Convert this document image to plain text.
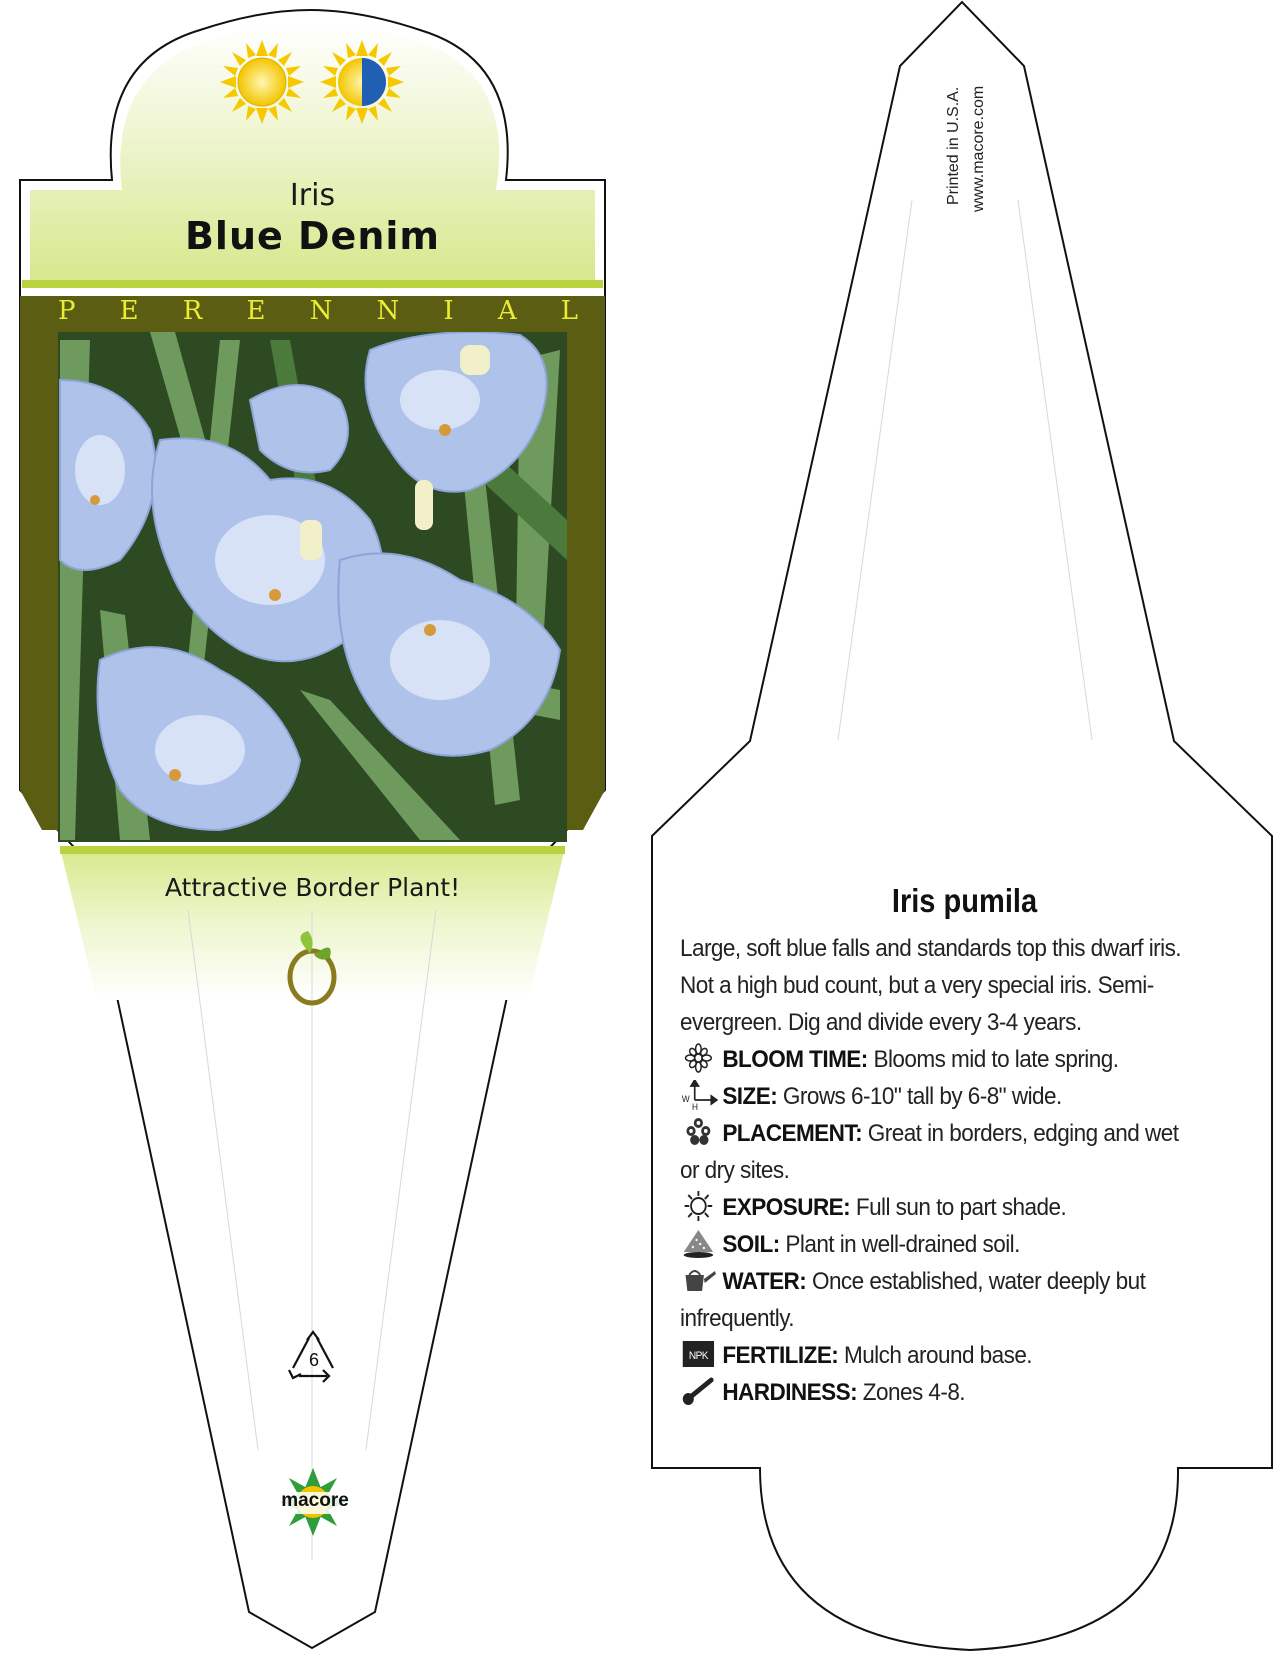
Iris
Blue Denim
P E R E N N I A L
Attractive Border Plant!
6
macore
Printed in U.S.A. www.macore.com
Iris pumila

Large, soft blue falls and standards top this dwarf iris. Not a high bud count, but a very special iris. Semi-evergreen. Dig and divide every 3-4 years.

BLOOM TIME: Blooms mid to late spring.

W
H SIZE: Grows 6-10" tall by 6-8" wide.

PLACEMENT: Great in borders, edging and wet or dry sites.

EXPOSURE: Full sun to part shade.

SOIL: Plant in well-drained soil.

WATER: Once established, water deeply but infrequently.

NPK FERTILIZE: Mulch around base.

HARDINESS: Zones 4-8.
